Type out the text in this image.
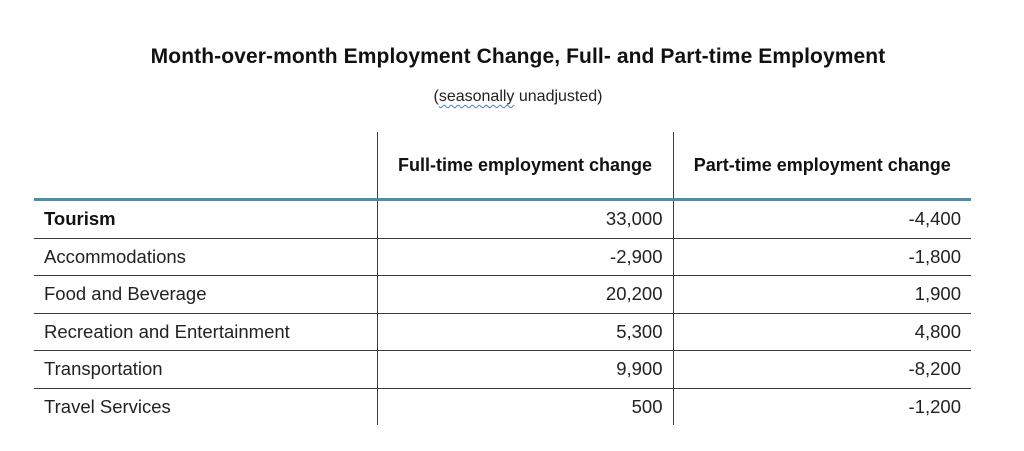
Month-over-month Employment Change, Full- and Part-time Employment
(seasonally unadjusted)
	Full-time employment change	Part-time employment change
Tourism	33,000	-4,400
Accommodations	-2,900	-1,800
Food and Beverage	20,200	1,900
Recreation and Entertainment	5,300	4,800
Transportation	9,900	-8,200
Travel Services	500	-1,200
